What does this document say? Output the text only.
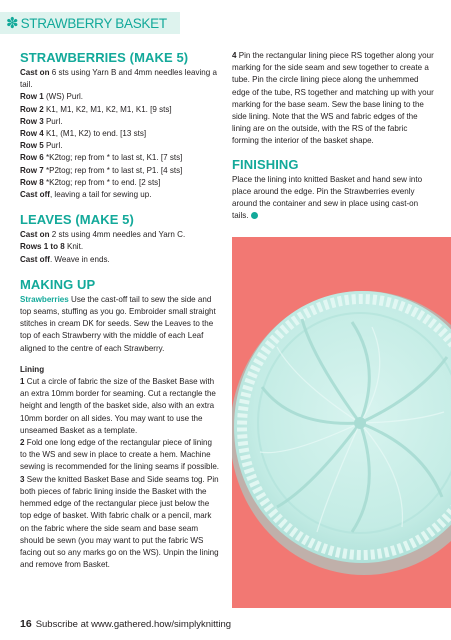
✽ STRAWBERRY BASKET
STRAWBERRIES (MAKE 5)

Cast on 6 sts using Yarn B and 4mm needles leaving a tail.

Row 1 (WS) Purl.

Row 2 K1, M1, K2, M1, K2, M1, K1. [9 sts]

Row 3 Purl.

Row 4 K1, (M1, K2) to end. [13 sts]

Row 5 Purl.

Row 6 *K2tog; rep from * to last st, K1. [7 sts]

Row 7 *P2tog; rep from * to last st, P1. [4 sts]

Row 8 *K2tog; rep from * to end. [2 sts]

Cast off, leaving a tail for sewing up.

LEAVES (MAKE 5)

Cast on 2 sts using 4mm needles and Yarn C.

Rows 1 to 8 Knit.

Cast off. Weave in ends.

MAKING UP

Strawberries Use the cast-off tail to sew the side and top seams, stuffing as you go. Embroider small straight stitches in cream DK for seeds. Sew the Leaves to the top of each Strawberry with the middle of each Leaf aligned to the centre of each Strawberry.

Lining

1 Cut a circle of fabric the size of the Basket Base with an extra 10mm border for seaming. Cut a rectangle the height and length of the basket side, also with an extra 10mm border on all sides. You may want to use the unseamed Basket as a template.

2 Fold one long edge of the rectangular piece of lining to the WS and sew in place to create a hem. Machine sewing is recommended for the lining seams if possible.

3 Sew the knitted Basket Base and Side seams tog. Pin both pieces of fabric lining inside the Basket with the hemmed edge of the rectangular piece just below the top edge of basket. With fabric chalk or a pencil, mark on the fabric where the side seam and base seam should be sewn (you may want to put the fabric WS facing out so any marks go on the WS). Unpin the lining and remove from Basket.

4 Pin the rectangular lining piece RS together along your marking for the side seam and sew together to create a tube. Pin the circle lining piece along the unhemmed edge of the tube, RS together and matching up with your marking for the base seam. Sew the base lining to the side lining. Note that the WS and fabric edges of the lining are on the outside, with the RS of the fabric forming the interior of the basket shape.

FINISHING

Place the lining into knitted Basket and hand sew into place around the edge. Pin the Strawberries evenly around the container and sew in place using cast-on tails.

16 Subscribe at www.gathered.how/simplyknitting
